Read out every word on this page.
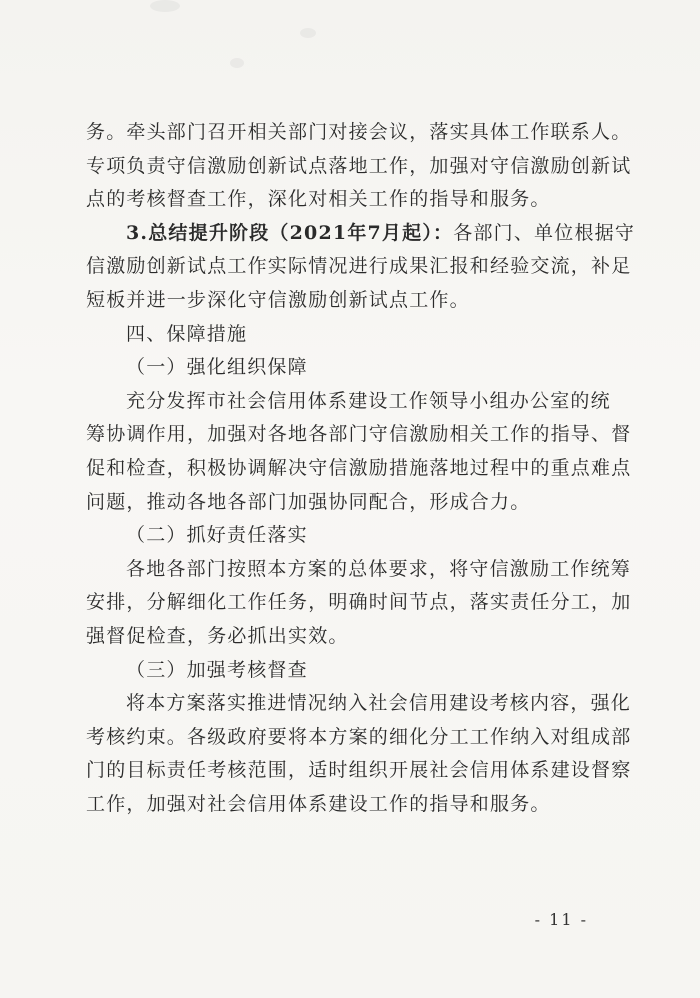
务。牵头部门召开相关部门对接会议，落实具体工作联系人。
专项负责守信激励创新试点落地工作，加强对守信激励创新试
点的考核督查工作，深化对相关工作的指导和服务。
3.总结提升阶段（2021年7月起）：各部门、单位根据守
信激励创新试点工作实际情况进行成果汇报和经验交流，补足
短板并进一步深化守信激励创新试点工作。
四、保障措施
（一）强化组织保障
充分发挥市社会信用体系建设工作领导小组办公室的统
筹协调作用，加强对各地各部门守信激励相关工作的指导、督
促和检查，积极协调解决守信激励措施落地过程中的重点难点
问题，推动各地各部门加强协同配合，形成合力。
（二）抓好责任落实
各地各部门按照本方案的总体要求，将守信激励工作统筹
安排，分解细化工作任务，明确时间节点，落实责任分工，加
强督促检查，务必抓出实效。
（三）加强考核督查
将本方案落实推进情况纳入社会信用建设考核内容，强化
考核约束。各级政府要将本方案的细化分工工作纳入对组成部
门的目标责任考核范围，适时组织开展社会信用体系建设督察
工作，加强对社会信用体系建设工作的指导和服务。
- 11 -
